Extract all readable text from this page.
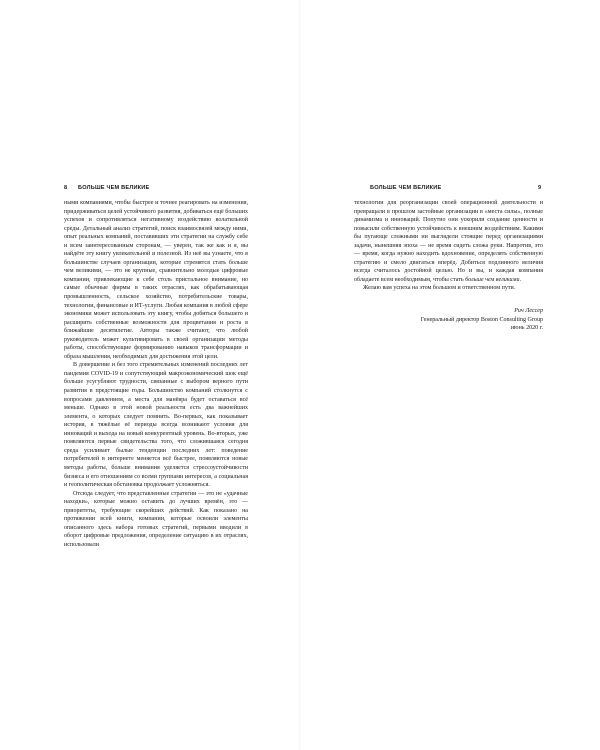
8 БОЛЬШЕ ЧЕМ ВЕЛИКИЕ

ными компаниями, чтобы быстрее и точнее реагировать на изменения, придерживаться целей устойчивого развития, добиваться ещё больших успехов и сопротивляться негативному воздействию волатильной среды. Детальный анализ стратегий, поиск взаимосвязей между ними, опыт реальных компаний, поставивших эти стратегии на службу себе и всем заинтересованным сторонам, — уверен, так же как и я, вы найдёте эту книгу увлекательной и полезной. Из неё вы узнаете, что в большинстве случаев организации, которые стремятся стать больше чем великими, — это не крупные, сравнительно молодые цифровые компании, привлекающие к себе столь пристальное внимание, но самые обычные фирмы в таких отраслях, как обрабатывающая промышленность, сельское хозяйство, потребительские товары, технологии, финансовые и ИТ-услуги. Любая компания в любой сфере экономики может использовать эту книгу, чтобы добиться большего и расширить собственные возможности для процветания и роста в ближайшие десятилетие. Авторы также считают, что любой руководитель может культивировать в своей организации методы работы, способствующие формированию навыков трансформации и образа мышления, необходимых для достижения этой цели.

В довершение и без того стремительных изменений последних лет пандемия COVID-19 и сопутствующий макроэкономический шок ещё больше усугубляют трудности, связанные с выбором верного пути развития в предстоящие годы. Большинство компаний столкнутся с вопросами давлением, а места для манёвра будет оставаться всё меньше. Однако в этой новой реальности есть два важнейших элемента, о которых следует помнить. Во-первых, как показывает история, в тяжёлые её периоды всегда возникают условия для инноваций и выхода на новый конкурентный уровень. Во-вторых, уже появляются первые свидетельства того, что сложившаяся сегодня среда усиливает былые тенденции последних лет: поведение потребителей в интернете меняется всё быстрее, появляются новые методы работы, больше внимания уделяется стрессоустойчивости бизнеса и его отношениям со всеми группами интересов, а социальная и геополитическая обстановка продолжает усложняться.

Отсюда следует, что представленные стратегии — это не «удачные находки», которые можно оставить до лучших времён, это — приоритеты, требующие скорейших действий. Как показано на протяжении всей книги, компании, которые освоили элементы описанного здесь набора готовых стратегий, первыми вводили в оборот цифровые предложения, определение ситуацию в их отраслях, использовали

БОЛЬШЕ ЧЕМ ВЕЛИКИЕ	9

технологии для реорганизации своей операционной деятельности и превращали в прошлом застойные организации в «места силы», полные динамизма и инноваций. Попутно они ускорили создание ценности и повысили собственную устойчивость к внешним воздействиям. Какими бы пугающе сложными ни выглядели стоящие перед организациями задачи, нынешняя эпоха — не время сидеть сложа руки. Напротив, это — время, когда нужно находить вдохновение, определять собственную стратегию и смело двигаться вперёд. Добиться подлинного величия всегда считалось достойной целью. Но и вы, и каждая компания обладаете всем необходимым, чтобы стать больше чем великими.

Желаю вам успеха на этом большом и ответственном пути.

Рич Лессер
Генеральный директор Boston Consulting Group
июнь 2020 г.
